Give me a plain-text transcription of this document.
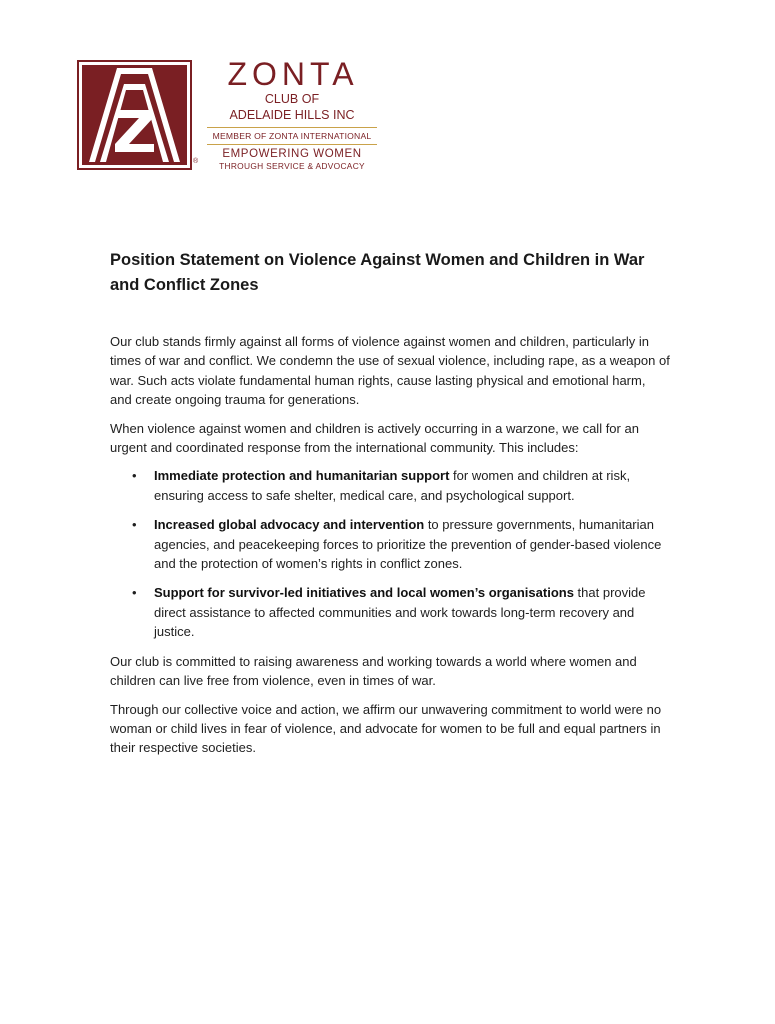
®
ZONTA
CLUB OF
ADELAIDE HILLS INC
MEMBER OF ZONTA INTERNATIONAL
EMPOWERING WOMEN
THROUGH SERVICE & ADVOCACY
Position Statement on Violence Against Women and Children in War and Conflict Zones

Our club stands firmly against all forms of violence against women and children, particularly in times of war and conflict. We condemn the use of sexual violence, including rape, as a weapon of war. Such acts violate fundamental human rights, cause lasting physical and emotional harm, and create ongoing trauma for generations.

When violence against women and children is actively occurring in a warzone, we call for an urgent and coordinated response from the international community. This includes:

• Immediate protection and humanitarian support for women and children at risk, ensuring access to safe shelter, medical care, and psychological support.
• Increased global advocacy and intervention to pressure governments, humanitarian agencies, and peacekeeping forces to prioritize the prevention of gender-based violence and the protection of women’s rights in conflict zones.
• Support for survivor-led initiatives and local women’s organisations that provide direct assistance to affected communities and work towards long-term recovery and justice.

Our club is committed to raising awareness and working towards a world where women and children can live free from violence, even in times of war.

Through our collective voice and action, we affirm our unwavering commitment to world were no woman or child lives in fear of violence, and advocate for women to be full and equal partners in their respective societies.
